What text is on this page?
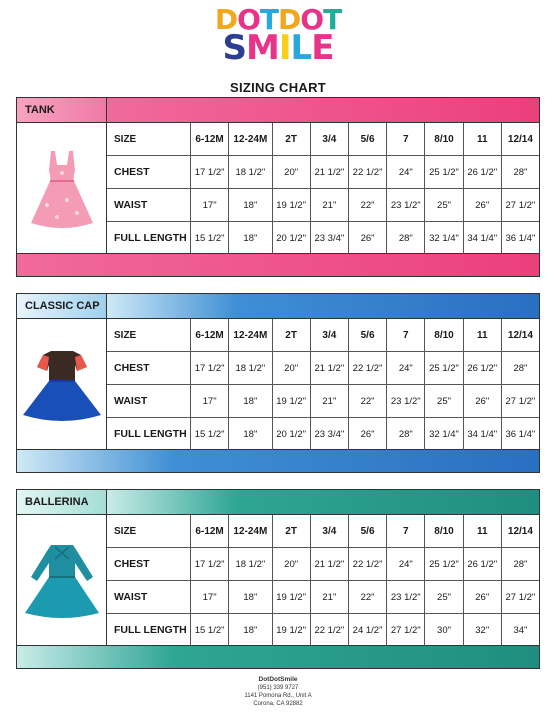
D O T D O T
S M I L E
SIZING CHART
TANK
SIZE	6-12M	12-24M	2T	3/4	5/6	7	8/10	11	12/14
CHEST	17 1/2"	18 1/2"	20"	21 1/2"	22 1/2"	24"	25 1/2"	26 1/2"	28"
WAIST	17"	18"	19 1/2"	21"	22"	23 1/2"	25"	26"	27 1/2"
FULL LENGTH	15 1/2"	18"	20 1/2"	23 3/4"	26"	28"	32 1/4"	34 1/4"	36 1/4"
CLASSIC CAP
SIZE	6-12M	12-24M	2T	3/4	5/6	7	8/10	11	12/14
CHEST	17 1/2"	18 1/2"	20"	21 1/2"	22 1/2"	24"	25 1/2"	26 1/2"	28"
WAIST	17"	18"	19 1/2"	21"	22"	23 1/2"	25"	26"	27 1/2"
FULL LENGTH	15 1/2"	18"	20 1/2"	23 3/4"	26"	28"	32 1/4"	34 1/4"	36 1/4"
BALLERINA
SIZE	6-12M	12-24M	2T	3/4	5/6	7	8/10	11	12/14
CHEST	17 1/2"	18 1/2"	20"	21 1/2"	22 1/2"	24"	25 1/2"	26 1/2"	28"
WAIST	17"	18"	19 1/2"	21"	22"	23 1/2"	25"	26"	27 1/2"
FULL LENGTH	15 1/2"	18"	19 1/2"	22 1/2"	24 1/2"	27 1/2"	30"	32"	34"
DotDotSmile
(951) 339 9727
1141 Pomona Rd., Unit A
Corona, CA 92882
